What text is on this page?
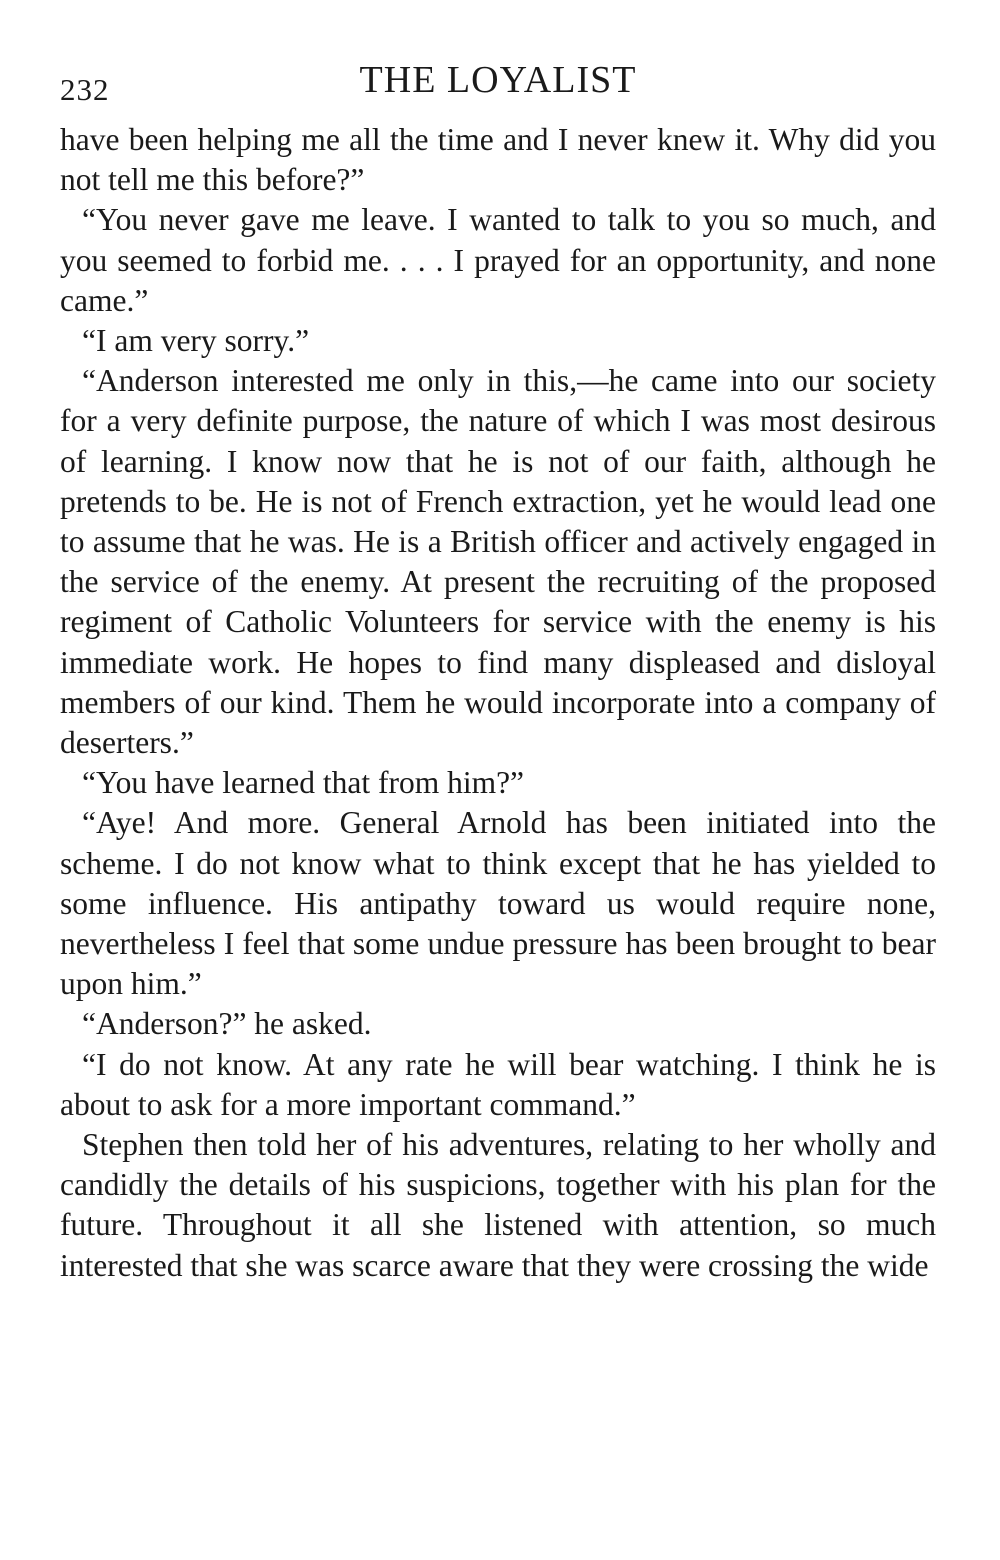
232	THE LOYALIST

have been helping me all the time and I never knew it. Why did you not tell me this before?”

“You never gave me leave. I wanted to talk to you so much, and you seemed to forbid me. . . . I prayed for an opportunity, and none came.”

“I am very sorry.”

“Anderson interested me only in this,—he came into our society for a very definite purpose, the nature of which I was most desirous of learning. I know now that he is not of our faith, although he pretends to be. He is not of French extraction, yet he would lead one to assume that he was. He is a British officer and actively engaged in the service of the enemy. At present the recruiting of the proposed regiment of Catholic Volunteers for service with the enemy is his immediate work. He hopes to find many displeased and disloyal members of our kind. Them he would incorporate into a company of deserters.”

“You have learned that from him?”

“Aye! And more. General Arnold has been initiated into the scheme. I do not know what to think except that he has yielded to some influence. His antipathy toward us would require none, nevertheless I feel that some undue pressure has been brought to bear upon him.”

“Anderson?” he asked.

“I do not know. At any rate he will bear watching. I think he is about to ask for a more important command.”

Stephen then told her of his adventures, relating to her wholly and candidly the details of his suspicions, together with his plan for the future. Throughout it all she listened with attention, so much interested that she was scarce aware that they were crossing the wide
